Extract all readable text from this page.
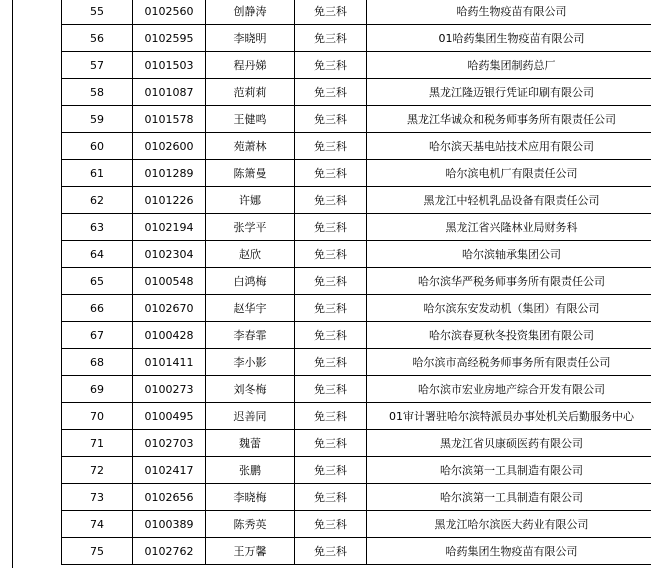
55	0102560	创静涛	免三科	哈药生物疫苗有限公司
56	0102595	李晓明	免三科	01哈药集团生物疫苗有限公司
57	0101503	程丹娣	免三科	哈药集团制药总厂
58	0101087	范莉莉	免三科	黑龙江隆迈银行凭证印刷有限公司
59	0101578	王健鸣	免三科	黑龙江华诚众和税务师事务所有限责任公司
60	0102600	苑萧林	免三科	哈尔滨天基电站技术应用有限公司
61	0101289	陈箫曼	免三科	哈尔滨电机厂有限责任公司
62	0101226	许娜	免三科	黑龙江中轻机乳品设备有限责任公司
63	0102194	张学平	免三科	黑龙江省兴隆林业局财务科
64	0102304	赵欣	免三科	哈尔滨轴承集团公司
65	0100548	白鸿梅	免三科	哈尔滨华严税务师事务所有限责任公司
66	0102670	赵华宇	免三科	哈尔滨东安发动机（集团）有限公司
67	0100428	李春霏	免三科	哈尔滨春夏秋冬投资集团有限公司
68	0101411	李小影	免三科	哈尔滨市高经税务师事务所有限责任公司
69	0100273	刘冬梅	免三科	哈尔滨市宏业房地产综合开发有限公司
70	0100495	迟善同	免三科	01审计署驻哈尔滨特派员办事处机关后勤服务中心
71	0102703	魏蕾	免三科	黑龙江省贝康硕医药有限公司
72	0102417	张鹏	免三科	哈尔滨第一工具制造有限公司
73	0102656	李晓梅	免三科	哈尔滨第一工具制造有限公司
74	0100389	陈秀英	免三科	黑龙江哈尔滨医大药业有限公司
75	0102762	王万馨	免三科	哈药集团生物疫苗有限公司
